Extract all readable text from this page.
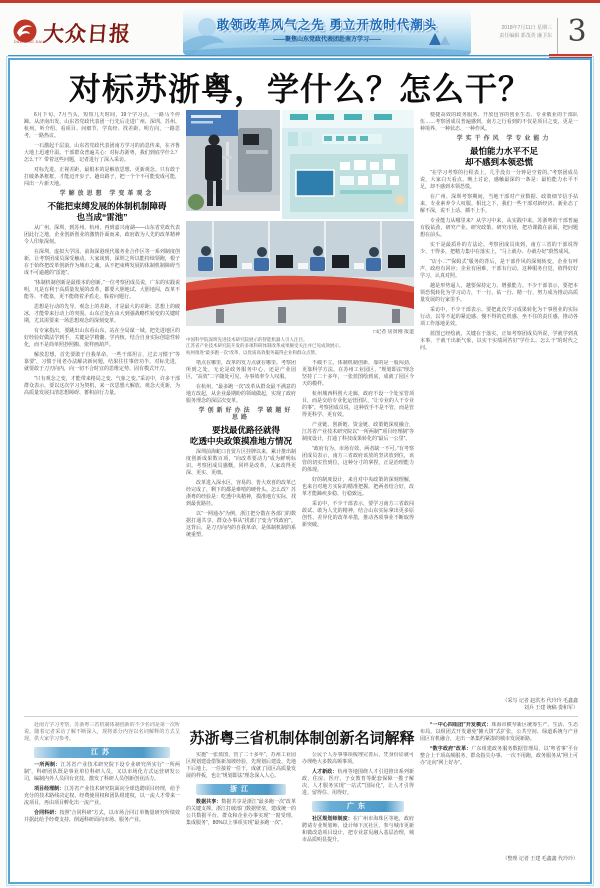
大众日报
DAZHONG DAILY
敢领改革风气之先 勇立开放时代潮头
——聚焦山东党政代表团赴南方学习——
2018年7月11日 星期三
责任编辑 郭茂英 廉卫东 3
对标苏浙粤，学什么？怎么干？

6月下旬、7月当头，短短几天时间，19个学习点，一路马不停蹄。从济南出发，山东省党政代表团一行先后走进广州、深圳、苏州、杭州，听介绍、看项目、问细节，学真经、找差距、明方向，一路思考，一路热议。

一石激起千层浪。山东省党政代表团南方学习的消息传来，在齐鲁大地上迅速升温。干部群众普遍关心：对标苏浙粤，我们到底学什么？怎么干？带着这些问题，记者进行了深入采访。

对标先进、正视差距，最根本的是解放思想、更新观念。只有敢于打破条条框框，才能迈开步子、趟出路子，把一个个不可能变成可能，闯出一片新天地。

学解放思想 学变革观念

不能把束缚发展的体制机制障碍
也当成“雷池”

从广州、深圳，到苏州、杭州，再到嘉兴南湖——山东省党政代表团此行之地，企业创新创业的激情扑面而来，政府敢为人先的改革精神令人印象深刻。

在深圳，虚拟大学园、前海深港现代服务业合作区等一系列制度创新，让考察团成员深受触动。大家谈到，深圳之所以能持续领跑，根子在于始终把改革创新作为城市之魂，从不把束缚发展的体制机制障碍当成不可逾越的“雷池”。

“体制机制创新是最根本的创新。”一位考察团成员说，广东的实践说明，凡是有利于高质量发展的改革，都要大胆地试、大胆地闯，改革不能等、不能靠，更不能绕着矛盾走、躲着问题行。

思想是行动的先导。观念上的差距，才是最大的差距；思想上的破冰，才能带来行动上的突围。山东正处在由大到强战略性转变的关键时期，尤其需要来一场思想观念的深刻变革。

有专家指出，要跳出山东看山东，站在全局谋一域。把先进地区的好经验好做法学到手，关键是学精髓、学内核，结合自身实际创造性转化，而不是简单照抄照搬、依样画葫芦。

解放思想，首先要敢于自我革命。一些干部坦言，过去习惯于“等靠要”，习惯于用老办法解决新问题，结果往往事倍功半。对标先进，就要敢于刀刃向内，向一切不合时宜的思维定势、固有模式开刀。

“只有观念之变，才能带来格局之变、气象之变。”采访中，许多干部群众表示，要以这次学习为契机，来一次思想大解放、观念大更新，为高质量发展扫清思想障碍、蓄积前行力量。

□记者 房贤刚 报道

中国科学院深圳先进技术研究院展示的智能机器人引人注目。

江苏省产业技术研究院开发的多项科研体制改革成果颇受关注并已见成效展示。

杭州推进“最多跑一次”改革，以优质高效服务赢得企业和群众点赞。

堵点在哪里，改革的发力点就在哪里。考察团所到之处，无论是政务服务中心，还是产业园区，“高效”二字随处可见，办事效率令人叹服。

在杭州，“最多跑一次”改革从群众最不满意的地方改起，从企业最期盼的领域做起，实现了政府服务理念的深层次变革。

学创新好办法 学破题好思路

要找最优路径就得
吃透中央政策摸准地方情况

深圳前海蛇口自贸片区挂牌以来，累计推出制度创新成果数百项，“向改革要动力”成为鲜明标识。考察团成员感慨，同样是改革，人家改得更深、更实、更细。

改革进入深水区，容易的、皆大欢喜的改革已经完成了，剩下的都是难啃的硬骨头。怎么改？苏浙粤的经验是：吃透中央精神，摸准地方实际，找到最优路径。

以“一网通办”为例，浙江把分散在各部门的数据打通共享，群众办事从“找部门”变为“找政府”。这背后，是刀刃向内的自我革命，是体制机制的系统重塑。

不破不立。体制机制创新，靠的是一股闯劲，更靠科学方法。在苏州工业园区，“规划即法”理念坚持了二十多年，一张蓝图绘到底，成就了园区今天的模样。

杭州城西科创大走廊，政府不设一个处室管项目，而是交给专业化运营团队，“让专业的人干专业的事”。考察团成员说，这种放手不是不管，而是管得更科学、更有效。

产业链、创新链、资金链、政策链深度融合，江苏省产业技术研究院以“一所两制”“项目经理制”等制度设计，打通了科技成果转化的“最后一公里”。

“政府有为、市场有效，两者缺一不可。”有考察团成员表示，南方三省政府该放的坚决放到位，该管的切实管到位，这种分寸的拿捏，正是治理能力的体现。

好的制度设计，来自对中央政策的深刻理解，也来自对地方实际的精准把握。把两者结合好，改革才能蹄疾步稳、行稳致远。

采访中，不少干部表示，要学习南方三省敢闯敢试、敢为人先的精神，结合山东实际拿出更多原创性、差异化的改革举措，推动各项事业不断取得新突破。

便捷高效的政务服务、开放包容的创业生态、专业敬业的干部队伍……考察团成员普遍感到，南方之行看到的不仅是项目之变，更是一种境界、一种状态、一种作风。

学实干作风 学专业能力

最怕能力水平不足
却不感到本领恐慌

“在学习考察的行程表上，几乎没有一分钟是空着的。”考察团成员说，大家白天看点、晚上讨论，感触最深的一条是：最怕能力水平不足，却不感到本领恐慌。

在广州、深圳考察期间，当地干部对产业数据、政策细节信手拈来，专业素养令人叹服。相比之下，我们一些干部对新经济、新业态了解不深，说不上话、插不上手。

专业能力从哪里来？从学习中来，从实践中来。苏浙粤的干部普遍有股钻劲，研究产业、研究政策、研究市场，把功课做在前面，把问题想在前头。

实干是最质朴的方法论。考察团成员谈到，南方三省的干部说得少、干得多，把精力集中在落实上，“马上就办、办就办好”蔚然成风。

“店小二”“保姆式”服务的背后，是干部作风的深刻转变。企业有呼声，政府有回应；企业有困难，干部有行动。这种服务自觉，值得好好学习、认真对照。

越是形势逼人，越要保持定力、增强能力。不少干部表示，要把本领恐慌转化为学习动力，干一行、钻一行、精一行，努力成为推动高质量发展的行家里手。

采访中，不少干部表示，要把此次学习成果转化为干事创业的实际行动，以等不起的紧迫感、慢不得的危机感、坐不住的责任感，推动各项工作落地见效。

蓝图已经绘就，关键在于落实。正如考察团成员所说，学就学到真本事，干就干出新气象，以实干实绩回答好“学什么、怎么干”的时代之问。

（采写 记者 赵洪杰 代玲玲 毛鑫鑫
刘兵 王建 统稿 娄和军）
苏浙粤三省机制体制创新名词解释

赴南方学习考察，苏浙粤三省机制体制创新的不少名词是第一次听说。随着记者采访了解不断深入，现将部分内容以名词解释的方式呈现，供大家学习参考。

江苏

一所两制：江苏省产业技术研究院下设专业研究所实行“一所两制”，科研团队既是事业单位科研人员，又以市场化方式运营研发公司，编制内外人员同台竞技，激发了科研人员创新创业活力。

项目经理制：江苏省产业技术研究院面向全球选聘项目经理，给予充分的技术路线决定权、经费使用权和团队组建权，以一流人才带来一流项目，再由项目孵化出一流产业。

合同科研：按照“合同科研”方式，以市场合同订单衡量研究所绩效并据此给予经费支持，倒逼科研面向市场、服务产业。

实施“一张蓝图，管了二十多年”，苏州工业园区规划建设借鉴新加坡经验，先规划后建设、先地下后地上，一任接着一任干，成就了园区高质量发展的样板，也让“规划即法”理念深入人心。

浙江

数据共享：数据共享是浙江“最多跑一次”改革的关键支撑。浙江打破部门数据壁垒，建成统一的公共数据平台，群众和企业办事实现“一窗受理、集成服务”，80%以上事项实现“最多跑一次”。

公民个人办事事项梳理完善后，凭身份证就可办理绝大多数高频事项。

人才新政：杭州等地围绕人才引进推出系列新政，住房、医疗、子女教育等配套保障一揽子解决，人才服务实现“一站式”“国际化”，让人才引得进、留得住、用得好。

广东

社区规划师制度：在广州市海珠区等地，政府聘请专业规划师、设计师下沉社区，参与城市更新和微改造项目设计，把专业意见融入基层治理，城市品质明显提升。

“一中心四组团”开发模式：珠海市横琴新区统筹生产、生活、生态布局，以组团式开发避免“摊大饼”式扩张，公共空间、绿道系统与产业园区有机融合，走出一条集约紧凑的城市发展新路。

“数字政府”改革：广东组建政务服务数据管理局，以“粤省事”平台整合上千项高频服务，群众指尖办事、一次不用跑，政务服务从“网上可办”走向“网上好办”。

（整理 记者 王建 毛鑫鑫 代玲玲）
